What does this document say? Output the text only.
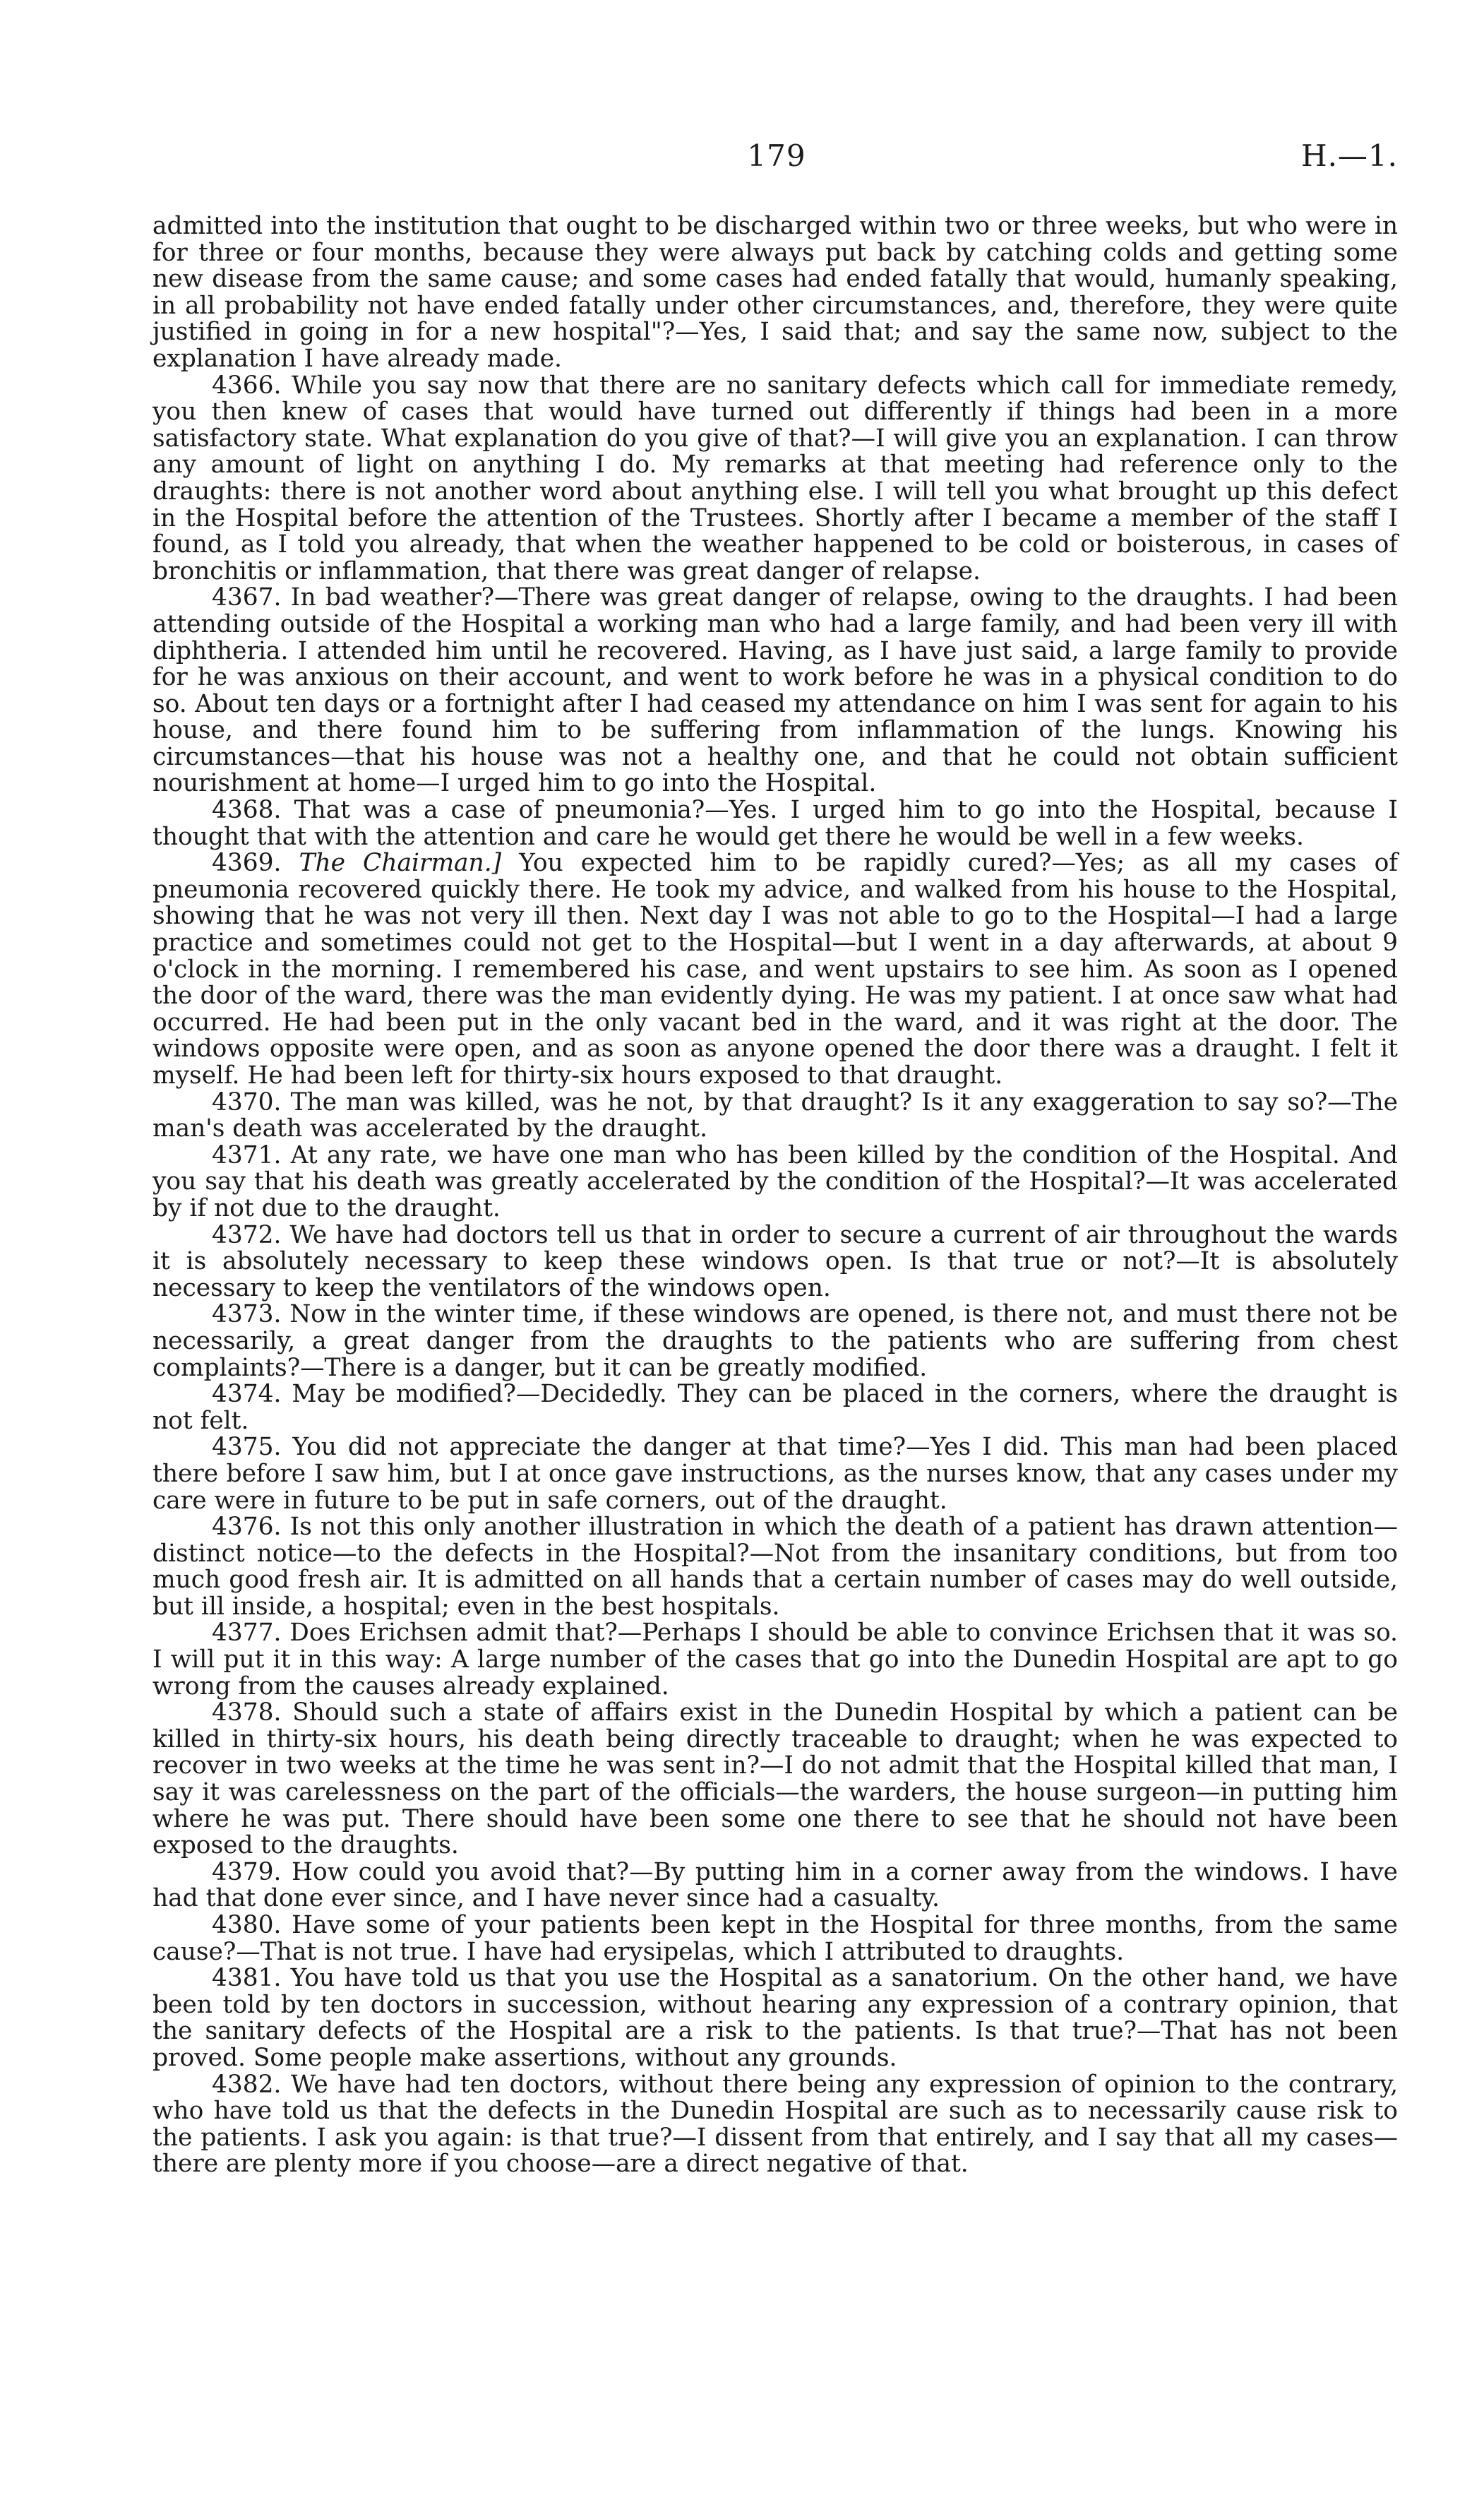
179	H.—1.

admitted into the institution that ought to be discharged within two or three weeks, but who were in for three or four months, because they were always put back by catching colds and getting some new disease from the same cause; and some cases had ended fatally that would, humanly speaking, in all probability not have ended fatally under other circumstances, and, therefore, they were quite justified in going in for a new hospital"?—Yes, I said that; and say the same now, subject to the explanation I have already made.

4366. While you say now that there are no sanitary defects which call for immediate remedy, you then knew of cases that would have turned out differently if things had been in a more satisfactory state. What explanation do you give of that?—I will give you an explanation. I can throw any amount of light on anything I do. My remarks at that meeting had reference only to the draughts: there is not another word about anything else. I will tell you what brought up this defect in the Hospital before the attention of the Trustees. Shortly after I became a member of the staff I found, as I told you already, that when the weather happened to be cold or boisterous, in cases of bronchitis or inflammation, that there was great danger of relapse.

4367. In bad weather?—There was great danger of relapse, owing to the draughts. I had been attending outside of the Hospital a working man who had a large family, and had been very ill with diphtheria. I attended him until he recovered. Having, as I have just said, a large family to provide for he was anxious on their account, and went to work before he was in a physical condition to do so. About ten days or a fortnight after I had ceased my attendance on him I was sent for again to his house, and there found him to be suffering from inflammation of the lungs. Knowing his circumstances—that his house was not a healthy one, and that he could not obtain sufficient nourishment at home—I urged him to go into the Hospital.

4368. That was a case of pneumonia?—Yes. I urged him to go into the Hospital, because I thought that with the attention and care he would get there he would be well in a few weeks.

4369. The Chairman.] You expected him to be rapidly cured?—Yes; as all my cases of pneumonia recovered quickly there. He took my advice, and walked from his house to the Hospital, showing that he was not very ill then. Next day I was not able to go to the Hospital—I had a large practice and sometimes could not get to the Hospital—but I went in a day afterwards, at about 9 o'clock in the morning. I remembered his case, and went upstairs to see him. As soon as I opened the door of the ward, there was the man evidently dying. He was my patient. I at once saw what had occurred. He had been put in the only vacant bed in the ward, and it was right at the door. The windows opposite were open, and as soon as anyone opened the door there was a draught. I felt it myself. He had been left for thirty-six hours exposed to that draught.

4370. The man was killed, was he not, by that draught? Is it any exaggeration to say so?—The man's death was accelerated by the draught.

4371. At any rate, we have one man who has been killed by the condition of the Hospital. And you say that his death was greatly accelerated by the condition of the Hospital?—It was accelerated by if not due to the draught.

4372. We have had doctors tell us that in order to secure a current of air throughout the wards it is absolutely necessary to keep these windows open. Is that true or not?—It is absolutely necessary to keep the ventilators of the windows open.

4373. Now in the winter time, if these windows are opened, is there not, and must there not be necessarily, a great danger from the draughts to the patients who are suffering from chest complaints?—There is a danger, but it can be greatly modified.

4374. May be modified?—Decidedly. They can be placed in the corners, where the draught is not felt.

4375. You did not appreciate the danger at that time?—Yes I did. This man had been placed there before I saw him, but I at once gave instructions, as the nurses know, that any cases under my care were in future to be put in safe corners, out of the draught.

4376. Is not this only another illustration in which the death of a patient has drawn attention—distinct notice—to the defects in the Hospital?—Not from the insanitary conditions, but from too much good fresh air. It is admitted on all hands that a certain number of cases may do well outside, but ill inside, a hospital; even in the best hospitals.

4377. Does Erichsen admit that?—Perhaps I should be able to convince Erichsen that it was so. I will put it in this way: A large number of the cases that go into the Dunedin Hospital are apt to go wrong from the causes already explained.

4378. Should such a state of affairs exist in the Dunedin Hospital by which a patient can be killed in thirty-six hours, his death being directly traceable to draught; when he was expected to recover in two weeks at the time he was sent in?—I do not admit that the Hospital killed that man, I say it was carelessness on the part of the officials—the warders, the house surgeon—in putting him where he was put. There should have been some one there to see that he should not have been exposed to the draughts.

4379. How could you avoid that?—By putting him in a corner away from the windows. I have had that done ever since, and I have never since had a casualty.

4380. Have some of your patients been kept in the Hospital for three months, from the same cause?—That is not true. I have had erysipelas, which I attributed to draughts.

4381. You have told us that you use the Hospital as a sanatorium. On the other hand, we have been told by ten doctors in succession, without hearing any expression of a contrary opinion, that the sanitary defects of the Hospital are a risk to the patients. Is that true?—That has not been proved. Some people make assertions, without any grounds.

4382. We have had ten doctors, without there being any expression of opinion to the contrary, who have told us that the defects in the Dunedin Hospital are such as to necessarily cause risk to the patients. I ask you again: is that true?—I dissent from that entirely, and I say that all my cases—there are plenty more if you choose—are a direct negative of that.
